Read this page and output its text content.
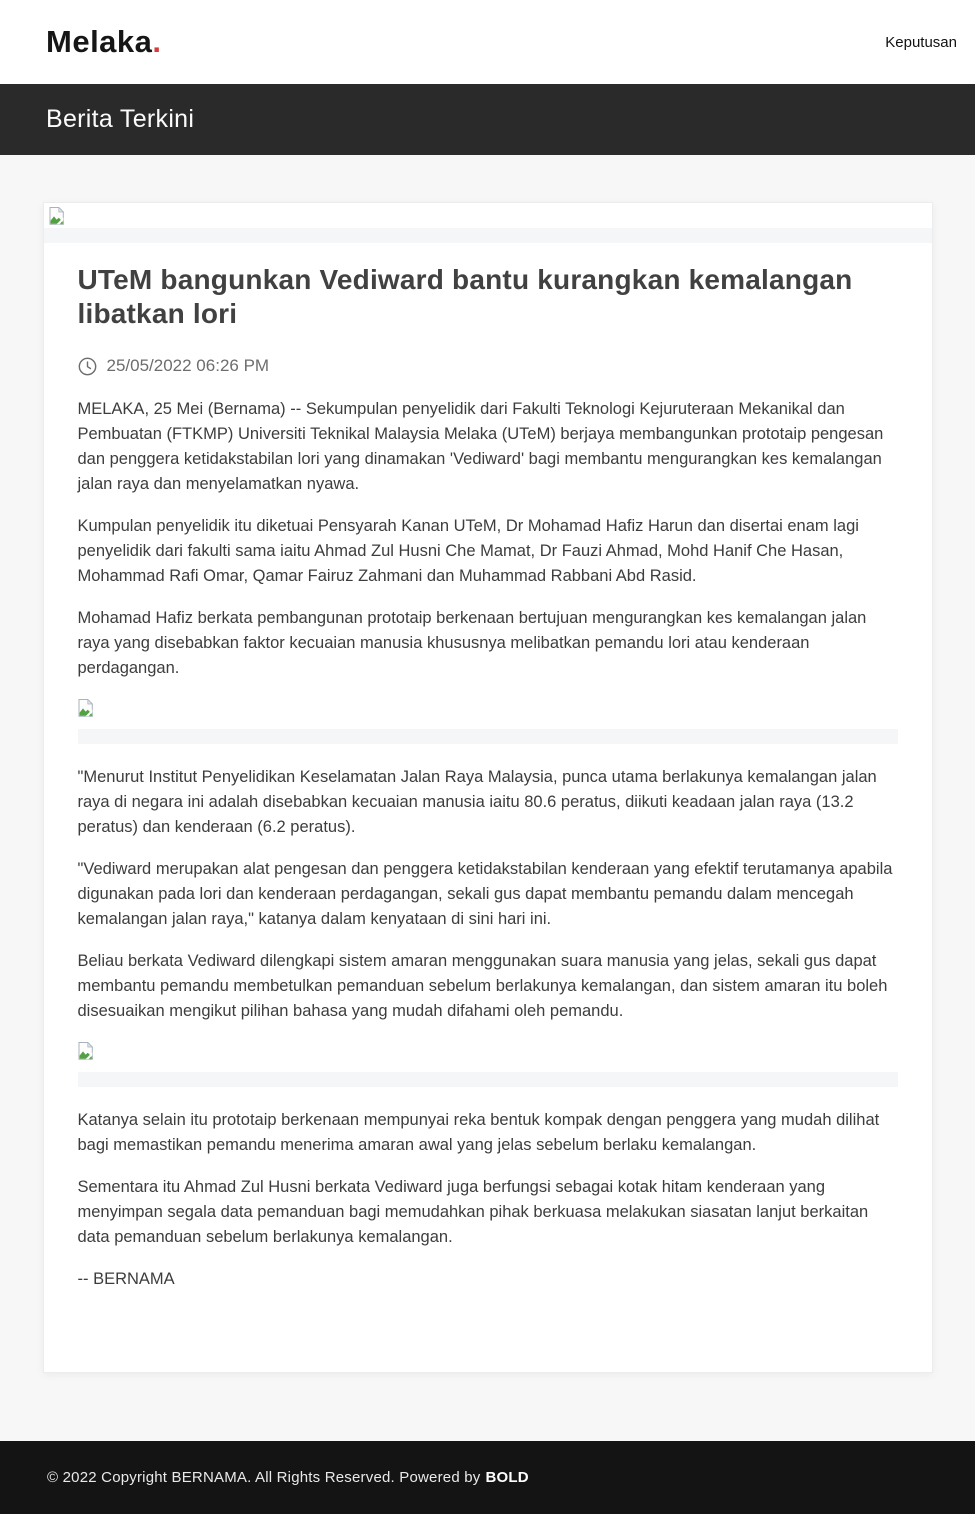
Melaka.	Keputusan
Berita Terkini
UTeM bangunkan Vediward bantu kurangkan kemalangan libatkan lori
25/05/2022 06:26 PM

MELAKA, 25 Mei (Bernama) -- Sekumpulan penyelidik dari Fakulti Teknologi Kejuruteraan Mekanikal dan Pembuatan (FTKMP) Universiti Teknikal Malaysia Melaka (UTeM) berjaya membangunkan prototaip pengesan dan penggera ketidakstabilan lori yang dinamakan 'Vediward' bagi membantu mengurangkan kes kemalangan jalan raya dan menyelamatkan nyawa.

Kumpulan penyelidik itu diketuai Pensyarah Kanan UTeM, Dr Mohamad Hafiz Harun dan disertai enam lagi penyelidik dari fakulti sama iaitu Ahmad Zul Husni Che Mamat, Dr Fauzi Ahmad, Mohd Hanif Che Hasan, Mohammad Rafi Omar, Qamar Fairuz Zahmani dan Muhammad Rabbani Abd Rasid.

Mohamad Hafiz berkata pembangunan prototaip berkenaan bertujuan mengurangkan kes kemalangan jalan raya yang disebabkan faktor kecuaian manusia khususnya melibatkan pemandu lori atau kenderaan perdagangan.

"Menurut Institut Penyelidikan Keselamatan Jalan Raya Malaysia, punca utama berlakunya kemalangan jalan raya di negara ini adalah disebabkan kecuaian manusia iaitu 80.6 peratus, diikuti keadaan jalan raya (13.2 peratus) dan kenderaan (6.2 peratus).

"Vediward merupakan alat pengesan dan penggera ketidakstabilan kenderaan yang efektif terutamanya apabila digunakan pada lori dan kenderaan perdagangan, sekali gus dapat membantu pemandu dalam mencegah kemalangan jalan raya," katanya dalam kenyataan di sini hari ini.

Beliau berkata Vediward dilengkapi sistem amaran menggunakan suara manusia yang jelas, sekali gus dapat membantu pemandu membetulkan pemanduan sebelum berlakunya kemalangan, dan sistem amaran itu boleh disesuaikan mengikut pilihan bahasa yang mudah difahami oleh pemandu.

Katanya selain itu prototaip berkenaan mempunyai reka bentuk kompak dengan penggera yang mudah dilihat bagi memastikan pemandu menerima amaran awal yang jelas sebelum berlaku kemalangan.

Sementara itu Ahmad Zul Husni berkata Vediward juga berfungsi sebagai kotak hitam kenderaan yang menyimpan segala data pemanduan bagi memudahkan pihak berkuasa melakukan siasatan lanjut berkaitan data pemanduan sebelum berlakunya kemalangan.

-- BERNAMA

© 2022 Copyright BERNAMA. All Rights Reserved. Powered by BOLD
